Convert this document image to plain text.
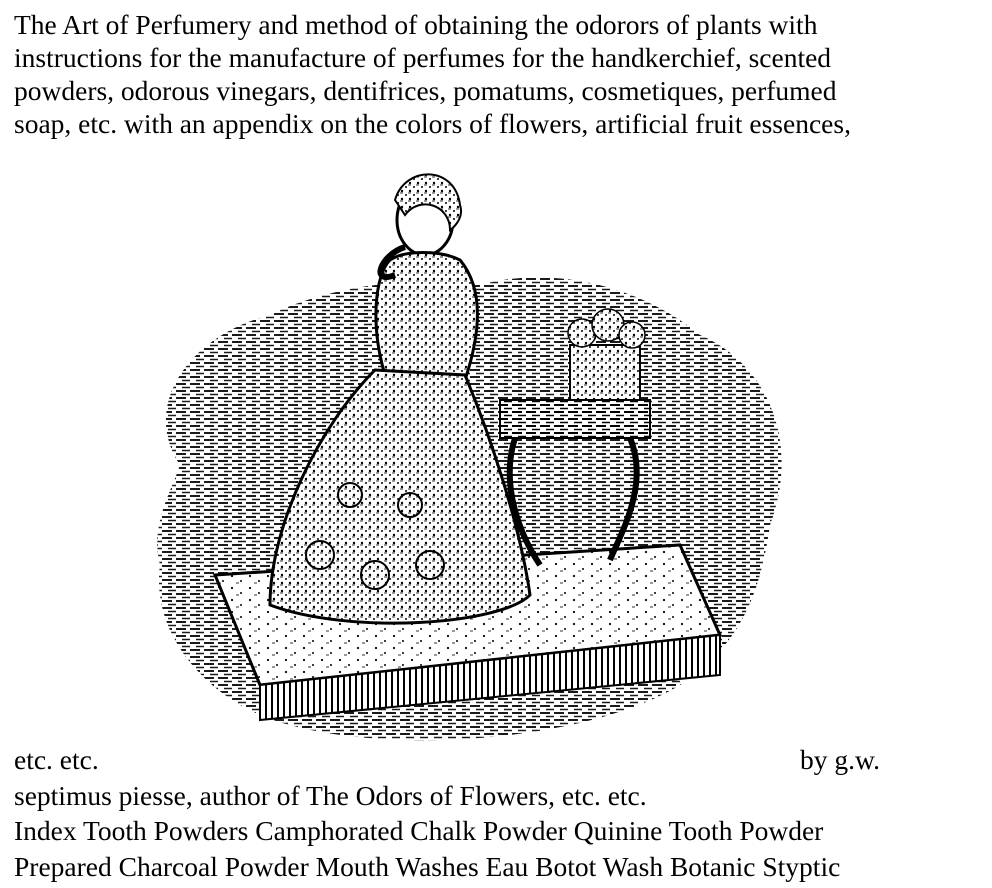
The Art of Perfumery and method of obtaining the odorors of plants with
instructions for the manufacture of perfumes for the handkerchief, scented
powders, odorous vinegars, dentifrices, pomatums, cosmetiques, perfumed
soap, etc. with an appendix on the colors of flowers, artificial fruit essences,
etc. etc.	by g.w.
septimus piesse, author of The Odors of Flowers, etc. etc.
Index Tooth Powders Camphorated Chalk Powder Quinine Tooth Powder
Prepared Charcoal Powder Mouth Washes Eau Botot Wash Botanic Styptic
